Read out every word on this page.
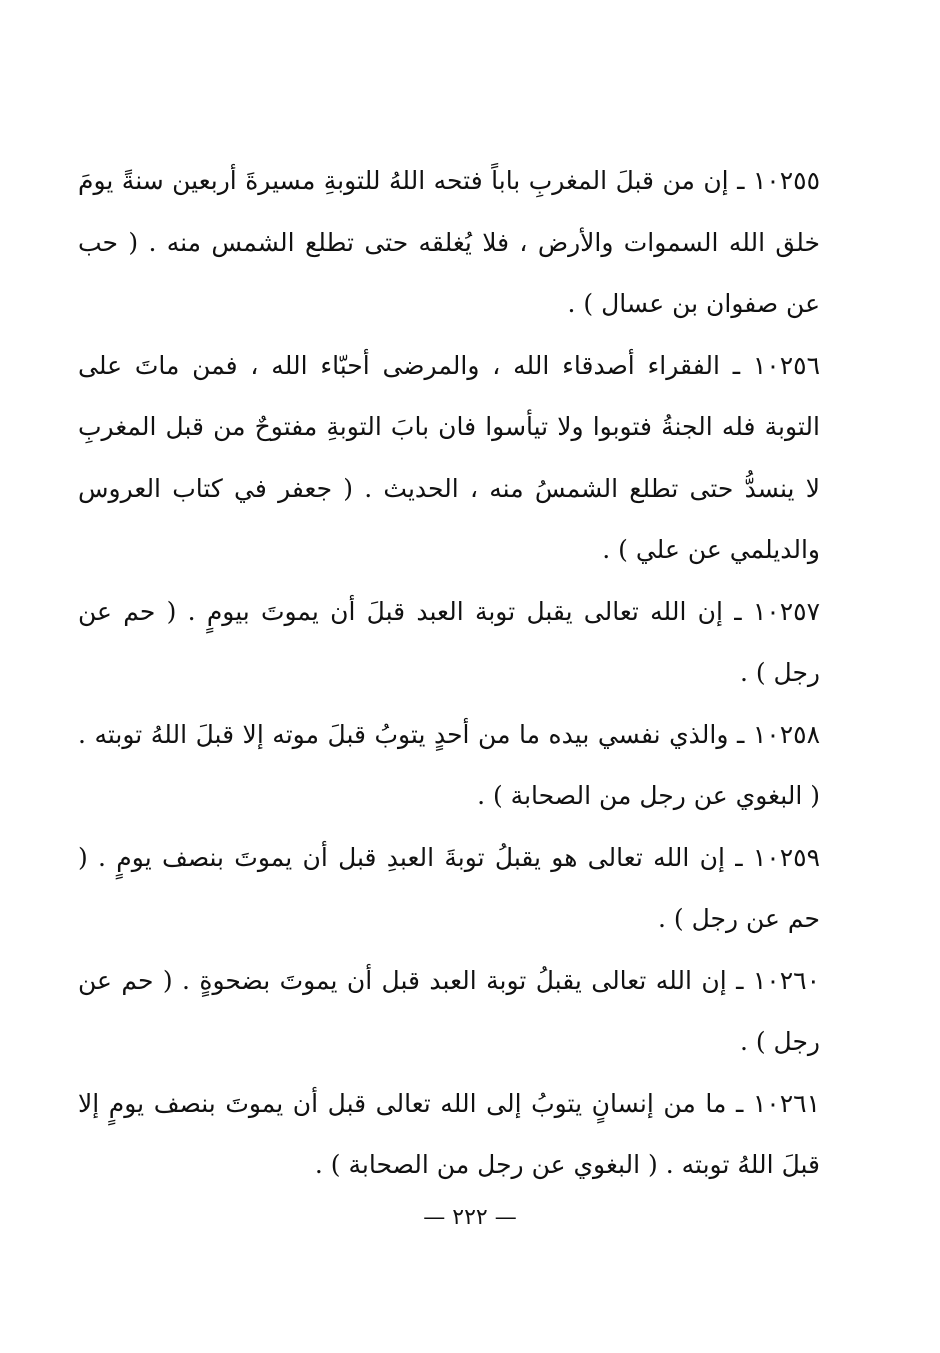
١٠٢٥٥ ـ إن من قبلَ المغربِ باباً فتحه اللهُ للتوبةِ مسيرةَ أربعين سنةً يومَ خلق الله السموات والأرض ، فلا يُغلقه حتى تطلع الشمس منه . ( حب عن صفوان بن عسال ) .

١٠٢٥٦ ـ الفقراء أصدقاء الله ، والمرضى أحبّاء الله ، فمن ماتَ على التوبة فله الجنةُ فتوبوا ولا تيأسوا فان بابَ التوبةِ مفتوحٌ من قبل المغربِ لا ينسدُّ حتى تطلع الشمسُ منه ، الحديث . ( جعفر في كتاب العروس والديلمي عن علي ) .

١٠٢٥٧ ـ إن الله تعالى يقبل توبة العبد قبلَ أن يموتَ بيومٍ . ( حم عن رجل ) .

١٠٢٥٨ ـ والذي نفسي بيده ما من أحدٍ يتوبُ قبلَ موته إلا قبلَ اللهُ توبته . ( البغوي عن رجل من الصحابة ) .

١٠٢٥٩ ـ إن الله تعالى هو يقبلُ توبةَ العبدِ قبل أن يموتَ بنصف يومٍ . ( حم عن رجل ) .

١٠٢٦٠ ـ إن الله تعالى يقبلُ توبة العبد قبل أن يموتَ بضحوةٍ . ( حم عن رجل ) .

١٠٢٦١ ـ ما من إنسانٍ يتوبُ إلى الله تعالى قبل أن يموتَ بنصف يومٍ إلا قبلَ اللهُ توبته . ( البغوي عن رجل من الصحابة ) .

— ٢٢٢ —
